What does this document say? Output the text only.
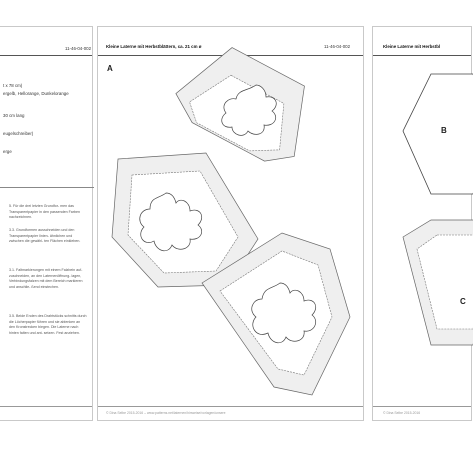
11-46-04-002
t x 78 cm)
ergelb, Hellorange, Dunkelorange
30 cm lang
eugelschreiber)
erge
5. Für die drei letzten Grundfor- men das Transparentpapier in den passenden Farben nachzeichnen.
3.3. Grundformen ausschneiden und den Transparentpapier linien- ähnlichen und zwischen die gewähl- ten Flächen einkleben.
3.1. Faltmarkierungen mit einem Falzbein auf- zuschneiden, an den Laternenöffnung- lagen, Verbindungsfalzen mit dem Bereich markieren und anschlie- ßend einstechen.
3.5. Beide Enden des Drahtstücks schnitts durch die Löcherpapier führen und sie ablenken an den Kronstrecken biegen. Die Laterne nach hinten falten und ant- setzen. Fest anziehen.
Kleine Laterne mit Herbstblättern, ca. 21 cm ø	11-46-04-002
A
© Dina Selbe 2015-2016 – www.patterns.net/laternen/hinweise/vorlagen/unsere
Kleine Laterne mit Herbstbl
B
C
© Dina Selbe 2015-2016
